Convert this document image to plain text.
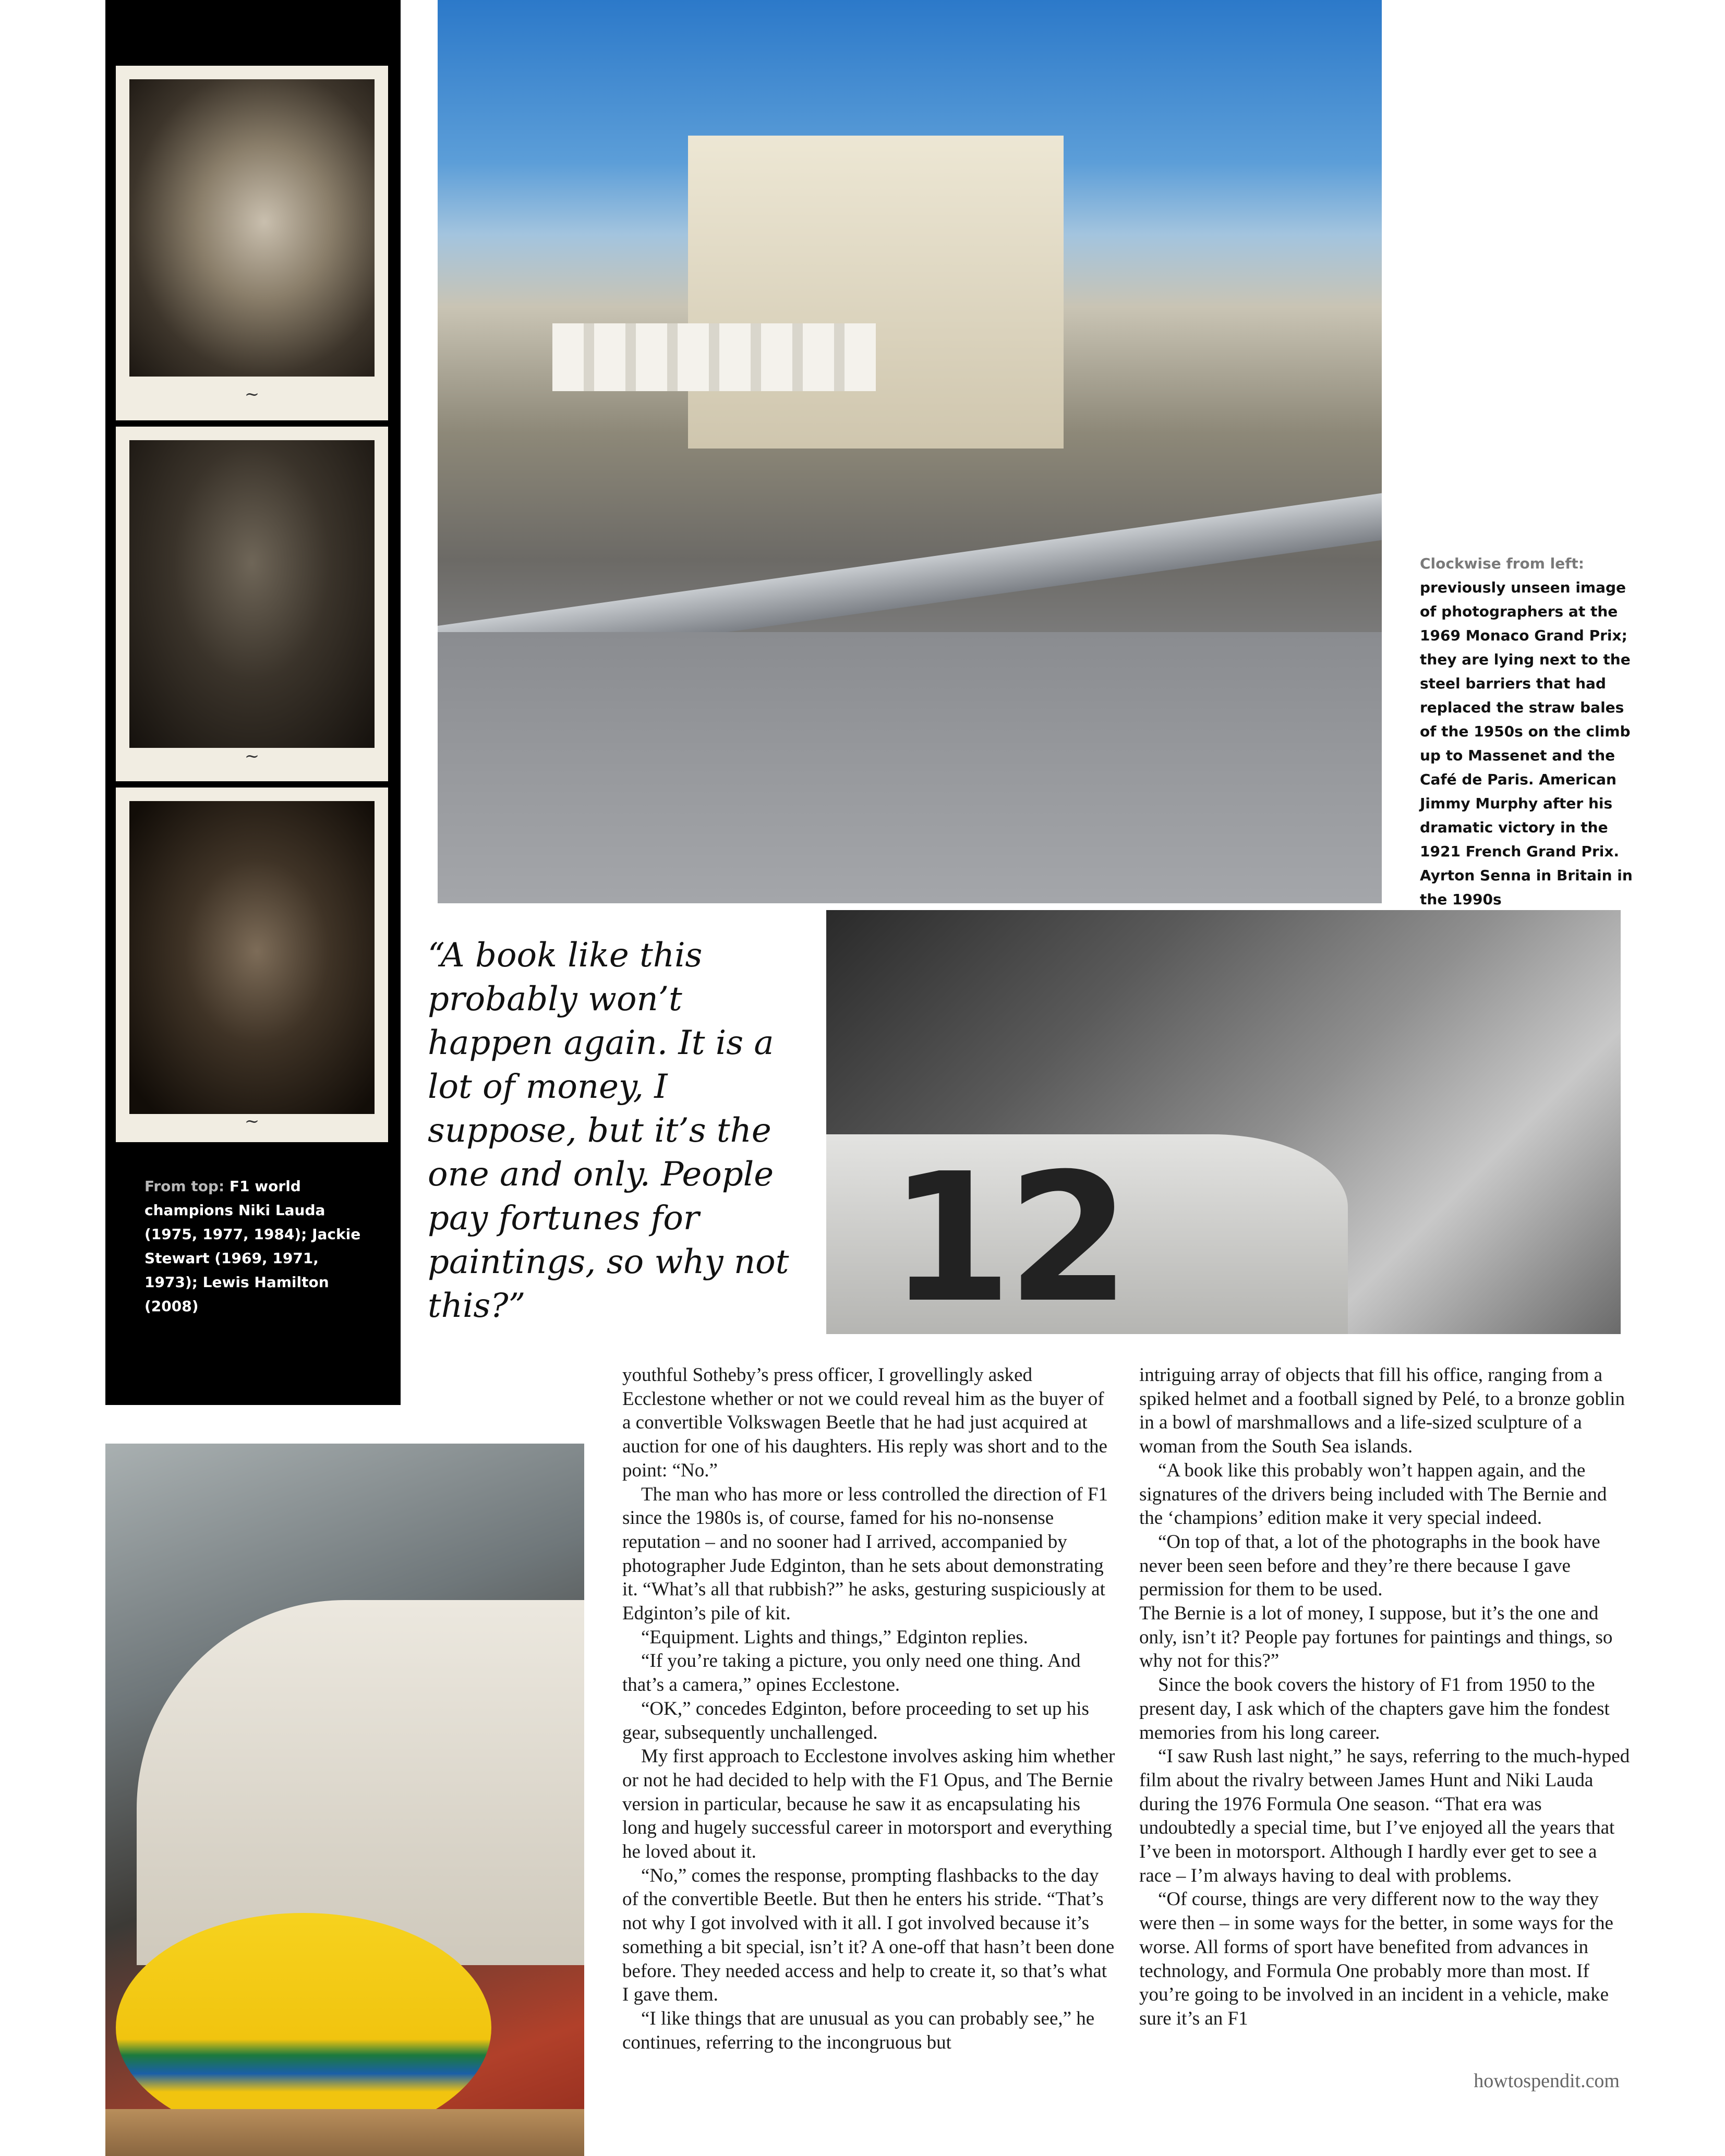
~
~
~
From top: F1 world champions Niki Lauda (1975, 1977, 1984); Jackie Stewart (1969, 1971, 1973); Lewis Hamilton (2008)
Clockwise from left:
previously unseen image of photographers at the 1969 Monaco Grand Prix; they are lying next to the steel barriers that had replaced the straw bales of the 1950s on the climb up to Massenet and the Café de Paris. American Jimmy Murphy after his dramatic victory in the 1921 French Grand Prix. Ayrton Senna in Britain in the 1990s
“A book like this probably won’t happen again. It is a lot of money, I suppose, but it’s the one and only. People pay fortunes for paintings, so why not this?”	12

youthful Sotheby’s press officer, I grovellingly asked Ecclestone whether or not we could reveal him as the buyer of a convertible Volkswagen Beetle that he had just acquired at auction for one of his daughters. His reply was short and to the point: “No.”

The man who has more or less controlled the direction of F1 since the 1980s is, of course, famed for his no-nonsense reputation – and no sooner had I arrived, accompanied by photographer Jude Edginton, than he sets about demonstrating it. “What’s all that rubbish?” he asks, gesturing suspiciously at Edginton’s pile of kit.

“Equipment. Lights and things,” Edginton replies.

“If you’re taking a picture, you only need one thing. And that’s a camera,” opines Ecclestone.

“OK,” concedes Edginton, before proceeding to set up his gear, subsequently unchallenged.

My first approach to Ecclestone involves asking him whether or not he had decided to help with the F1 Opus, and The Bernie version in particular, because he saw it as encapsulating his long and hugely successful career in motorsport and everything he loved about it.

“No,” comes the response, prompting flashbacks to the day of the convertible Beetle. But then he enters his stride. “That’s not why I got involved with it all. I got involved because it’s something a bit special, isn’t it? A one-off that hasn’t been done before. They needed access and help to create it, so that’s what I gave them.

“I like things that are unusual as you can probably see,” he continues, referring to the incongruous but

intriguing array of objects that fill his office, ranging from a spiked helmet and a football signed by Pelé, to a bronze goblin in a bowl of marshmallows and a life-sized sculpture of a woman from the South Sea islands.

“A book like this probably won’t happen again, and the signatures of the drivers being included with The Bernie and the ‘champions’ edition make it very special indeed.

“On top of that, a lot of the photographs in the book have never been seen before and they’re there because I gave permission for them to be used.

The Bernie is a lot of money, I suppose, but it’s the one and only, isn’t it? People pay fortunes for paintings and things, so why not for this?”

Since the book covers the history of F1 from 1950 to the present day, I ask which of the chapters gave him the fondest memories from his long career.

“I saw Rush last night,” he says, referring to the much-hyped film about the rivalry between James Hunt and Niki Lauda during the 1976 Formula One season. “That era was undoubtedly a special time, but I’ve enjoyed all the years that I’ve been in motorsport. Although I hardly ever get to see a race – I’m always having to deal with problems.

“Of course, things are very different now to the way they were then – in some ways for the better, in some ways for the worse. All forms of sport have benefited from advances in technology, and Formula One probably more than most. If you’re going to be involved in an incident in a vehicle, make sure it’s an F1

howtospendit.com
